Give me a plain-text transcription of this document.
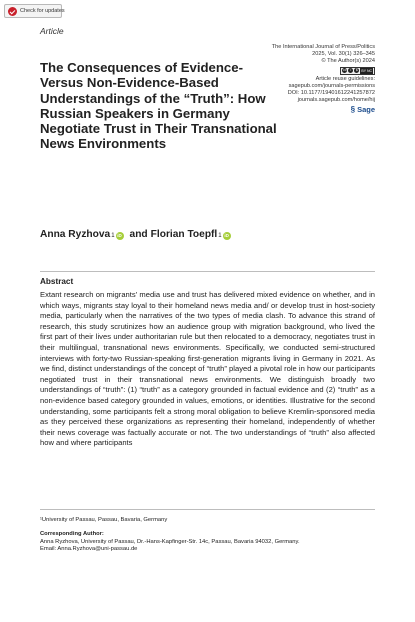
Check for updates
Article
The Consequences of Evidence- Versus Non-Evidence-Based Understandings of the “Truth”: How Russian Speakers in Germany Negotiate Trust in Their Transnational News Environments
The International Journal of Press/Politics
2025, Vol. 30(1) 326–345
© The Author(s) 2024
cc	i	$	BY NC
Article reuse guidelines:
sagepub.com/journals-permissions
DOI: 10.1177/19401612241257872
journals.sagepub.com/home/hij
§ Sage
Anna Ryzhova 1 iD and Florian Toepfl 1 iD
Abstract

Extant research on migrants’ media use and trust has delivered mixed evidence on whether, and in which ways, migrants stay loyal to their homeland news media and/ or develop trust in host-society media, particularly when the narratives of the two types of media clash. To advance this strand of research, this study scrutinizes how an audience group with migration background, who lived the first part of their lives under authoritarian rule but then relocated to a democracy, negotiates trust in their multilingual, transnational news environments. Specifically, we conducted semi-structured interviews with forty-two Russian-speaking first-generation migrants living in Germany in 2021. As we find, distinct understandings of the concept of “truth” played a pivotal role in how our participants negotiated trust in their transnational news environments. We distinguish broadly two understandings of “truth”: (1) “truth” as a category grounded in factual evidence and (2) “truth” as a non-evidence based category grounded in values, emotions, or identities. Illustrative for the second understanding, some participants felt a strong moral obligation to believe Kremlin-sponsored media as they perceived these organizations as representing their homeland, independently of whether their news coverage was factually accurate or not. The two understandings of “truth” also affected how and where participants

¹University of Passau, Passau, Bavaria, Germany
Corresponding Author:
Anna Ryzhova, University of Passau, Dr.-Hans-Kapfinger-Str. 14c, Passau, Bavaria 94032, Germany.
Email: Anna.Ryzhova@uni-passau.de
